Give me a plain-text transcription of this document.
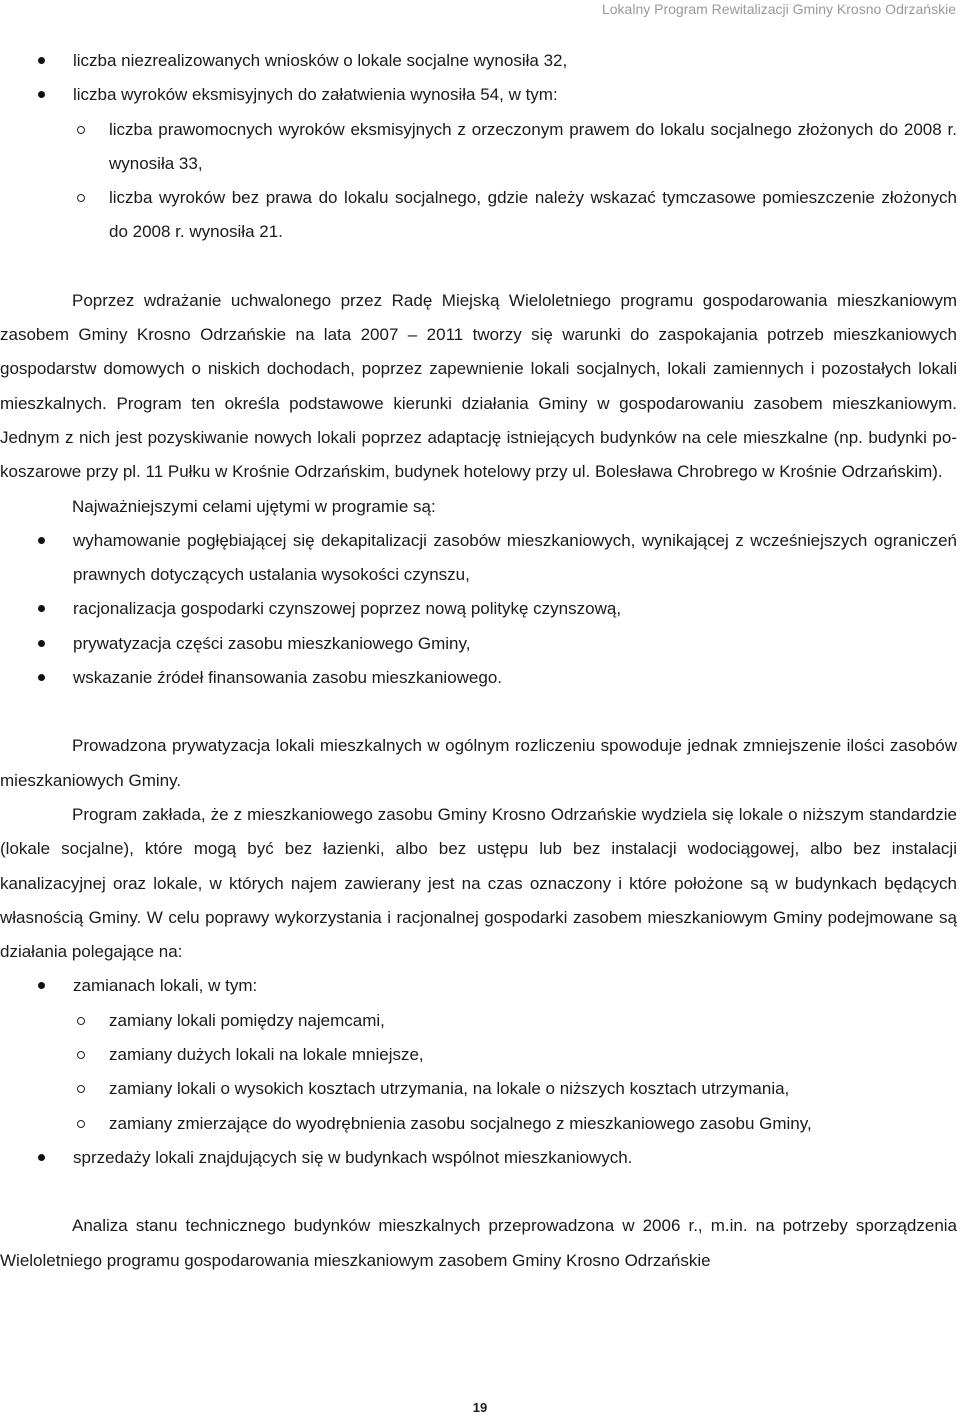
Lokalny Program Rewitalizacji Gminy Krosno Odrzańskie
liczba niezrealizowanych wniosków o lokale socjalne wynosiła 32,
liczba wyroków eksmisyjnych do załatwienia wynosiła 54, w tym:
liczba prawomocnych wyroków eksmisyjnych z orzeczonym prawem do lokalu socjalnego złożonych do 2008 r. wynosiła 33,
liczba wyroków bez prawa do lokalu socjalnego, gdzie należy wskazać tymczasowe pomieszczenie złożonych do 2008 r. wynosiła 21.

Poprzez wdrażanie uchwalonego przez Radę Miejską Wieloletniego programu gospodarowania mieszkaniowym zasobem Gminy Krosno Odrzańskie na lata 2007 – 2011 tworzy się warunki do zaspokajania potrzeb mieszkaniowych gospodarstw domowych o niskich dochodach, poprzez zapewnienie lokali socjalnych, lokali zamiennych i pozostałych lokali mieszkalnych. Program ten określa podstawowe kierunki działania Gminy w gospodarowaniu zasobem mieszkaniowym. Jednym z nich jest pozyskiwanie nowych lokali poprzez adaptację istniejących budynków na cele mieszkalne (np. budynki po-koszarowe przy pl. 11 Pułku w Krośnie Odrzańskim, budynek hotelowy przy ul. Bolesława Chrobrego w Krośnie Odrzańskim).

Najważniejszymi celami ujętymi w programie są:

wyhamowanie pogłębiającej się dekapitalizacji zasobów mieszkaniowych, wynikającej z wcześniejszych ograniczeń prawnych dotyczących ustalania wysokości czynszu,
racjonalizacja gospodarki czynszowej poprzez nową politykę czynszową,
prywatyzacja części zasobu mieszkaniowego Gminy,
wskazanie źródeł finansowania zasobu mieszkaniowego.

Prowadzona prywatyzacja lokali mieszkalnych w ogólnym rozliczeniu spowoduje jednak zmniejszenie ilości zasobów mieszkaniowych Gminy.

Program zakłada, że z mieszkaniowego zasobu Gminy Krosno Odrzańskie wydziela się lokale o niższym standardzie (lokale socjalne), które mogą być bez łazienki, albo bez ustępu lub bez instalacji wodociągowej, albo bez instalacji kanalizacyjnej oraz lokale, w których najem zawierany jest na czas oznaczony i które położone są w budynkach będących własnością Gminy. W celu poprawy wykorzystania i racjonalnej gospodarki zasobem mieszkaniowym Gminy podejmowane są działania polegające na:

zamianach lokali, w tym:
zamiany lokali pomiędzy najemcami,
zamiany dużych lokali na lokale mniejsze,
zamiany lokali o wysokich kosztach utrzymania, na lokale o niższych kosztach utrzymania,
zamiany zmierzające do wyodrębnienia zasobu socjalnego z mieszkaniowego zasobu Gminy,
sprzedaży lokali znajdujących się w budynkach wspólnot mieszkaniowych.

Analiza stanu technicznego budynków mieszkalnych przeprowadzona w 2006 r., m.in. na potrzeby sporządzenia Wieloletniego programu gospodarowania mieszkaniowym zasobem Gminy Krosno Odrzańskie

19
